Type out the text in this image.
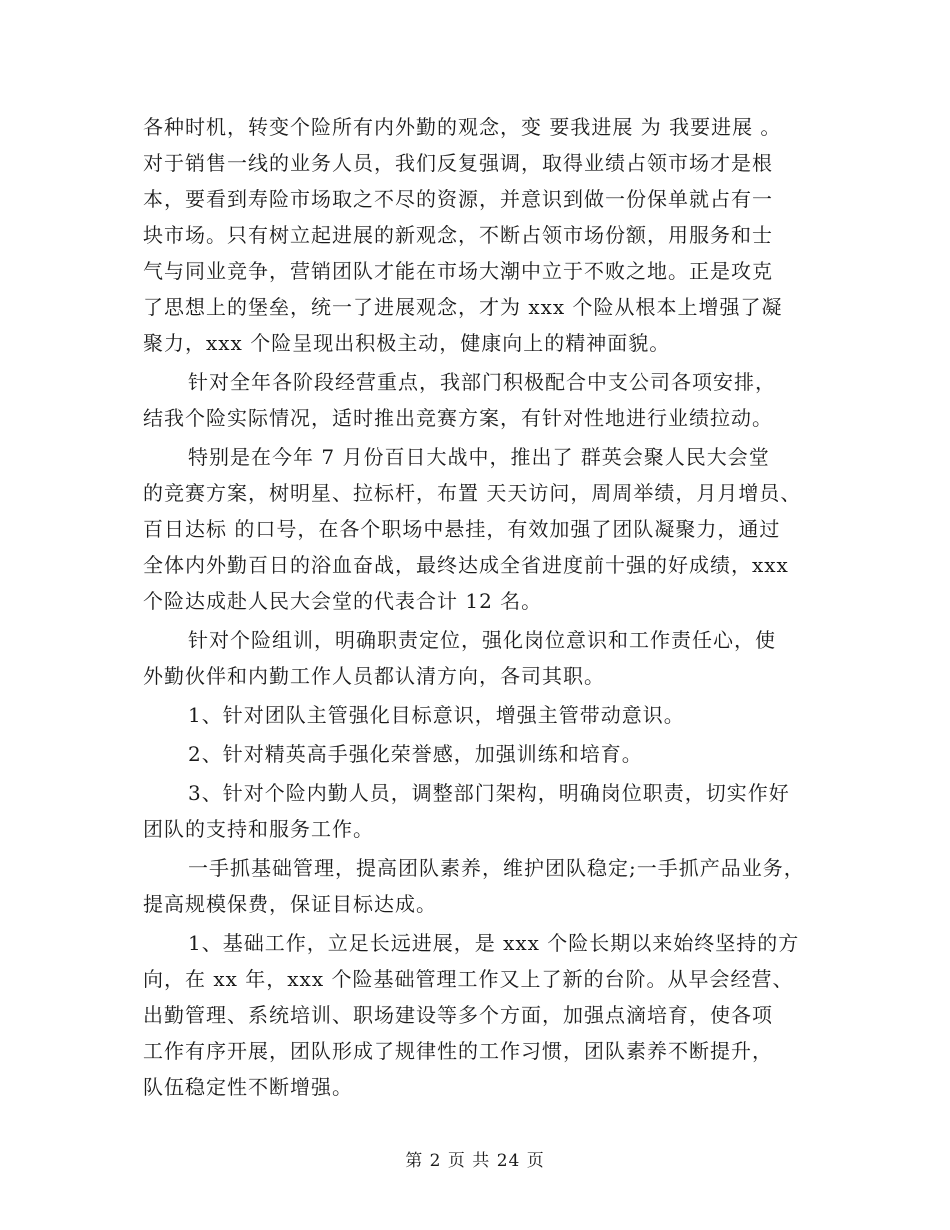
各种时机，转变个险所有内外勤的观念，变 要我进展 为 我要进展 。
对于销售一线的业务人员，我们反复强调，取得业绩占领市场才是根
本，要看到寿险市场取之不尽的资源，并意识到做一份保单就占有一
块市场。只有树立起进展的新观念，不断占领市场份额，用服务和士
气与同业竞争，营销团队才能在市场大潮中立于不败之地。正是攻克
了思想上的堡垒，统一了进展观念，才为 xxx 个险从根本上增强了凝
聚力，xxx 个险呈现出积极主动，健康向上的精神面貌。
针对全年各阶段经营重点，我部门积极配合中支公司各项安排，
结我个险实际情况，适时推出竞赛方案，有针对性地进行业绩拉动。
特别是在今年 7 月份百日大战中，推出了 群英会聚人民大会堂
的竞赛方案，树明星、拉标杆，布置 天天访问，周周举绩，月月增员、
百日达标 的口号，在各个职场中悬挂，有效加强了团队凝聚力，通过
全体内外勤百日的浴血奋战，最终达成全省进度前十强的好成绩，xxx
个险达成赴人民大会堂的代表合计 12 名。
针对个险组训，明确职责定位，强化岗位意识和工作责任心，使
外勤伙伴和内勤工作人员都认清方向，各司其职。
1、针对团队主管强化目标意识，增强主管带动意识。
2、针对精英高手强化荣誉感，加强训练和培育。
3、针对个险内勤人员，调整部门架构，明确岗位职责，切实作好
团队的支持和服务工作。
一手抓基础管理，提高团队素养，维护团队稳定;一手抓产品业务，
提高规模保费，保证目标达成。
1、基础工作，立足长远进展，是 xxx 个险长期以来始终坚持的方
向，在 xx 年，xxx 个险基础管理工作又上了新的台阶。从早会经营、
出勤管理、系统培训、职场建设等多个方面，加强点滴培育，使各项
工作有序开展，团队形成了规律性的工作习惯，团队素养不断提升，
队伍稳定性不断增强。
第 2 页 共 24 页
